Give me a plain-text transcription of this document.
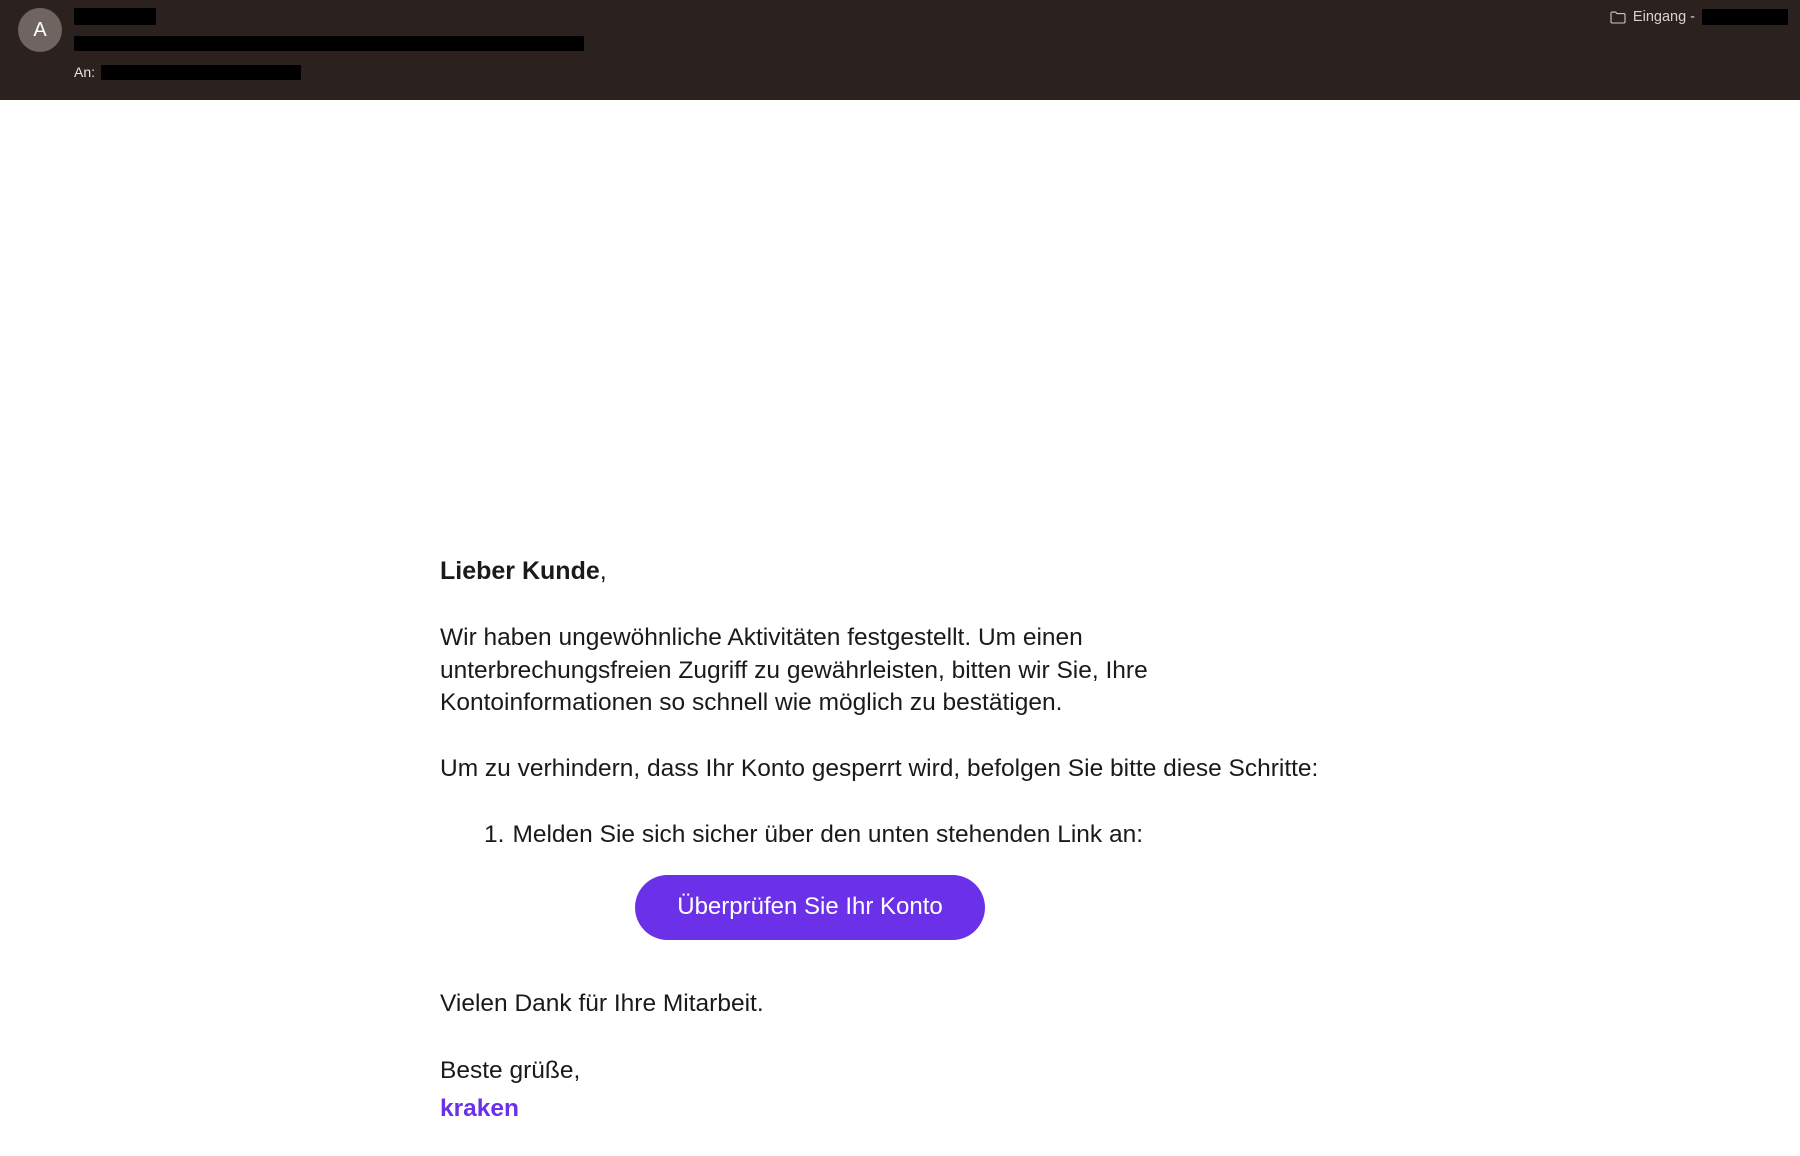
A
An:
Eingang -

Lieber Kunde,

Wir haben ungewöhnliche Aktivitäten festgestellt. Um einen unterbrechungsfreien Zugriff zu gewährleisten, bitten wir Sie, Ihre Kontoinformationen so schnell wie möglich zu bestätigen.

Um zu verhindern, dass Ihr Konto gesperrt wird, befolgen Sie bitte diese Schritte:

1. Melden Sie sich sicher über den unten stehenden Link an:
Überprüfen Sie Ihr Konto

Vielen Dank für Ihre Mitarbeit.

Beste grüße,
kraken
